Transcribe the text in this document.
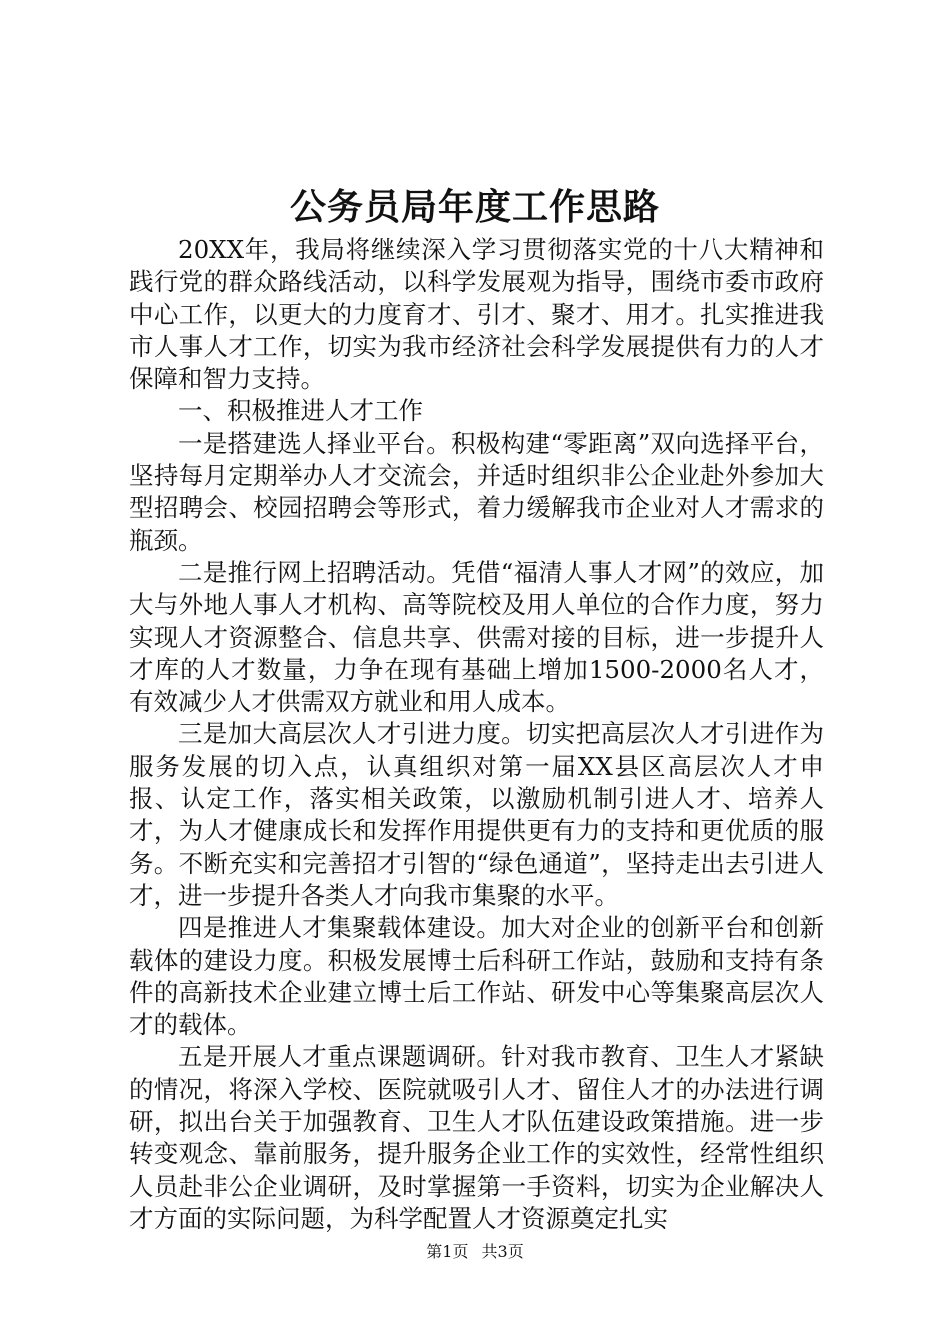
公务员局年度工作思路

20XX年，我局将继续深入学习贯彻落实党的十八大精神和践行党的群众路线活动，以科学发展观为指导，围绕市委市政府中心工作，以更大的力度育才、引才、聚才、用才。扎实推进我市人事人才工作，切实为我市经济社会科学发展提供有力的人才保障和智力支持。

一、积极推进人才工作

一是搭建选人择业平台。积极构建“零距离”双向选择平台，坚持每月定期举办人才交流会，并适时组织非公企业赴外参加大型招聘会、校园招聘会等形式，着力缓解我市企业对人才需求的瓶颈。

二是推行网上招聘活动。凭借“福清人事人才网”的效应，加大与外地人事人才机构、高等院校及用人单位的合作力度，努力实现人才资源整合、信息共享、供需对接的目标，进一步提升人才库的人才数量，力争在现有基础上增加1500-2000名人才，有效减少人才供需双方就业和用人成本。

三是加大高层次人才引进力度。切实把高层次人才引进作为服务发展的切入点，认真组织对第一届XX县区高层次人才申报、认定工作，落实相关政策，以激励机制引进人才、培养人才，为人才健康成长和发挥作用提供更有力的支持和更优质的服务。不断充实和完善招才引智的“绿色通道”，坚持走出去引进人才，进一步提升各类人才向我市集聚的水平。

四是推进人才集聚载体建设。加大对企业的创新平台和创新载体的建设力度。积极发展博士后科研工作站，鼓励和支持有条件的高新技术企业建立博士后工作站、研发中心等集聚高层次人才的载体。

五是开展人才重点课题调研。针对我市教育、卫生人才紧缺的情况，将深入学校、医院就吸引人才、留住人才的办法进行调研，拟出台关于加强教育、卫生人才队伍建设政策措施。进一步转变观念、靠前服务，提升服务企业工作的实效性，经常性组织人员赴非公企业调研，及时掌握第一手资料，切实为企业解决人才方面的实际问题，为科学配置人才资源奠定扎实

第1页 共3页
